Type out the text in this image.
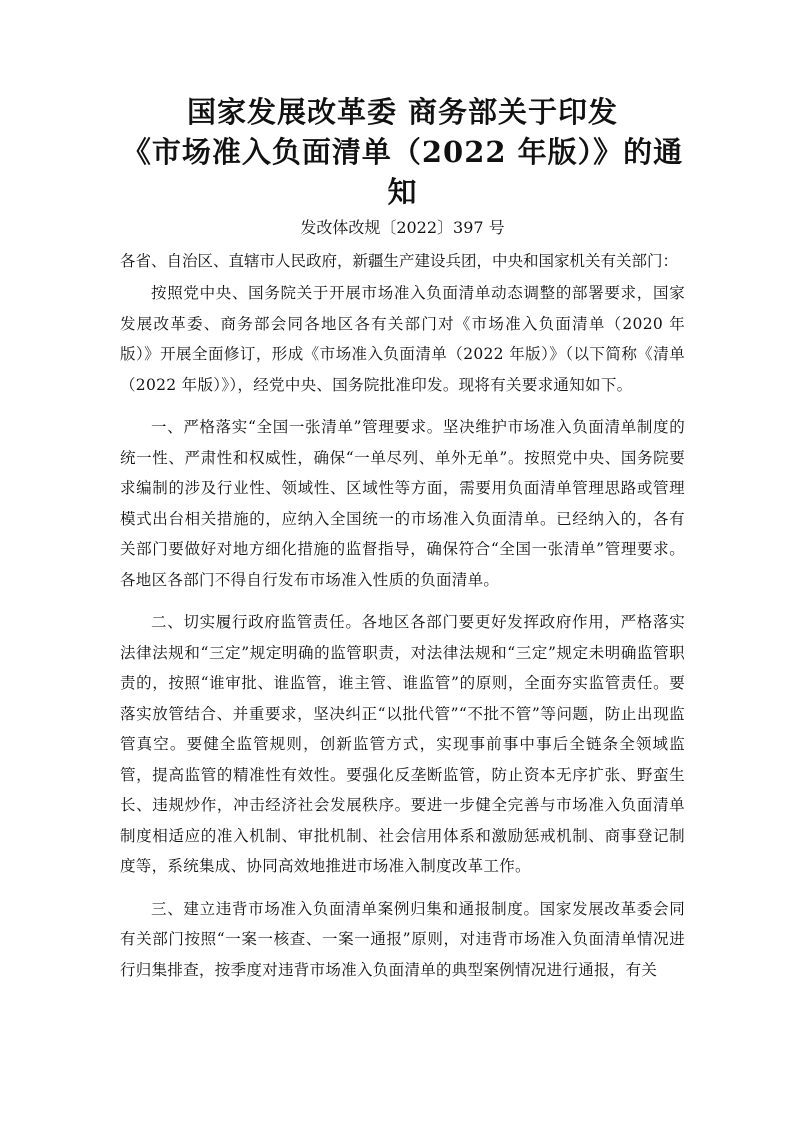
国家发展改革委 商务部关于印发
《市场准入负面清单（2022 年版）》的通知
发改体改规〔2022〕397 号
各省、自治区、直辖市人民政府，新疆生产建设兵团，中央和国家机关有关部门：

按照党中央、国务院关于开展市场准入负面清单动态调整的部署要求，国家发展改革委、商务部会同各地区各有关部门对《市场准入负面清单（2020 年版）》开展全面修订，形成《市场准入负面清单（2022 年版）》（以下简称《清单（2022 年版）》），经党中央、国务院批准印发。现将有关要求通知如下。

一、严格落实“全国一张清单”管理要求。坚决维护市场准入负面清单制度的统一性、严肃性和权威性，确保“一单尽列、单外无单”。按照党中央、国务院要求编制的涉及行业性、领域性、区域性等方面，需要用负面清单管理思路或管理模式出台相关措施的，应纳入全国统一的市场准入负面清单。已经纳入的，各有关部门要做好对地方细化措施的监督指导，确保符合“全国一张清单”管理要求。各地区各部门不得自行发布市场准入性质的负面清单。

二、切实履行政府监管责任。各地区各部门要更好发挥政府作用，严格落实法律法规和“三定”规定明确的监管职责，对法律法规和“三定”规定未明确监管职责的，按照“谁审批、谁监管，谁主管、谁监管”的原则，全面夯实监管责任。要落实放管结合、并重要求，坚决纠正“以批代管”“不批不管”等问题，防止出现监管真空。要健全监管规则，创新监管方式，实现事前事中事后全链条全领域监管，提高监管的精准性有效性。要强化反垄断监管，防止资本无序扩张、野蛮生长、违规炒作，冲击经济社会发展秩序。要进一步健全完善与市场准入负面清单制度相适应的准入机制、审批机制、社会信用体系和激励惩戒机制、商事登记制度等，系统集成、协同高效地推进市场准入制度改革工作。

三、建立违背市场准入负面清单案例归集和通报制度。国家发展改革委会同有关部门按照“一案一核查、一案一通报”原则，对违背市场准入负面清单情况进行归集排查，按季度对违背市场准入负面清单的典型案例情况进行通报，有关
